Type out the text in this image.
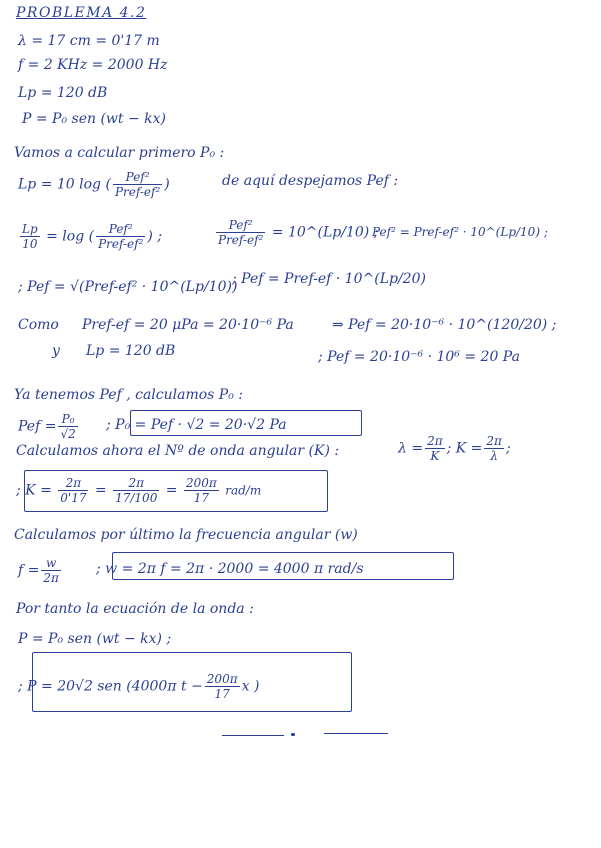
PROBLEMA 4.2
λ = 17 cm = 0'17 m
f = 2 KHz = 2000 Hz
Lp = 120 dB
P = P₀ sen (wt − kx)
Vamos a calcular primero P₀ :
Lp = 10 log ( $\frac{\text{Pef²}}{\text{Pref-ef²}}$ )	de aquí despejamos Pef :
$\frac{Lp}{10} = \log$ ( $\frac{\text{Pef²}}{\text{Pref-ef²}}$ ) ;	$\frac{\text{Pef²}}{\text{Pref-ef²}}$ = 10^(Lp/10) ;
Pef² = Pref-ef² · 10^(Lp/10) ;
; Pef = √(Pref-ef² · 10^(Lp/10))
; Pef = Pref-ef · 10^(Lp/20)
Como Pref-ef = 20 μPa = 20·10⁻⁶ Pa
y Lp = 120 dB
⇒ Pef = 20·10⁻⁶ · 10^(120/20) ;
; Pef = 20·10⁻⁶ · 10⁶ = 20 Pa
Ya tenemos Pef , calculamos P₀ :
Pef = $\frac{\text{P₀}}{√2}$ ; P₀ = Pef · √2 = 20·√2 Pa
Calculamos ahora el Nº de onda angular (K) :	$\lambda = \frac{2\pi}{K}$ ; $K = \frac{2\pi}{\lambda}$ ;
; $K = \frac{2\pi}{0'17} = \frac{2\pi}{17/100} = \frac{200\pi}{17} rad/m$
Calculamos por último la frecuencia angular (w)
$f = \frac{w}{2\pi}$	; w = 2π f = 2π · 2000 = 4000 π rad/s
Por tanto la ecuación de la onda :
P = P₀ sen (wt − kx) ;
; P = 20√2 sen (4000π $t - \frac{200\pi}{17}$ x )
